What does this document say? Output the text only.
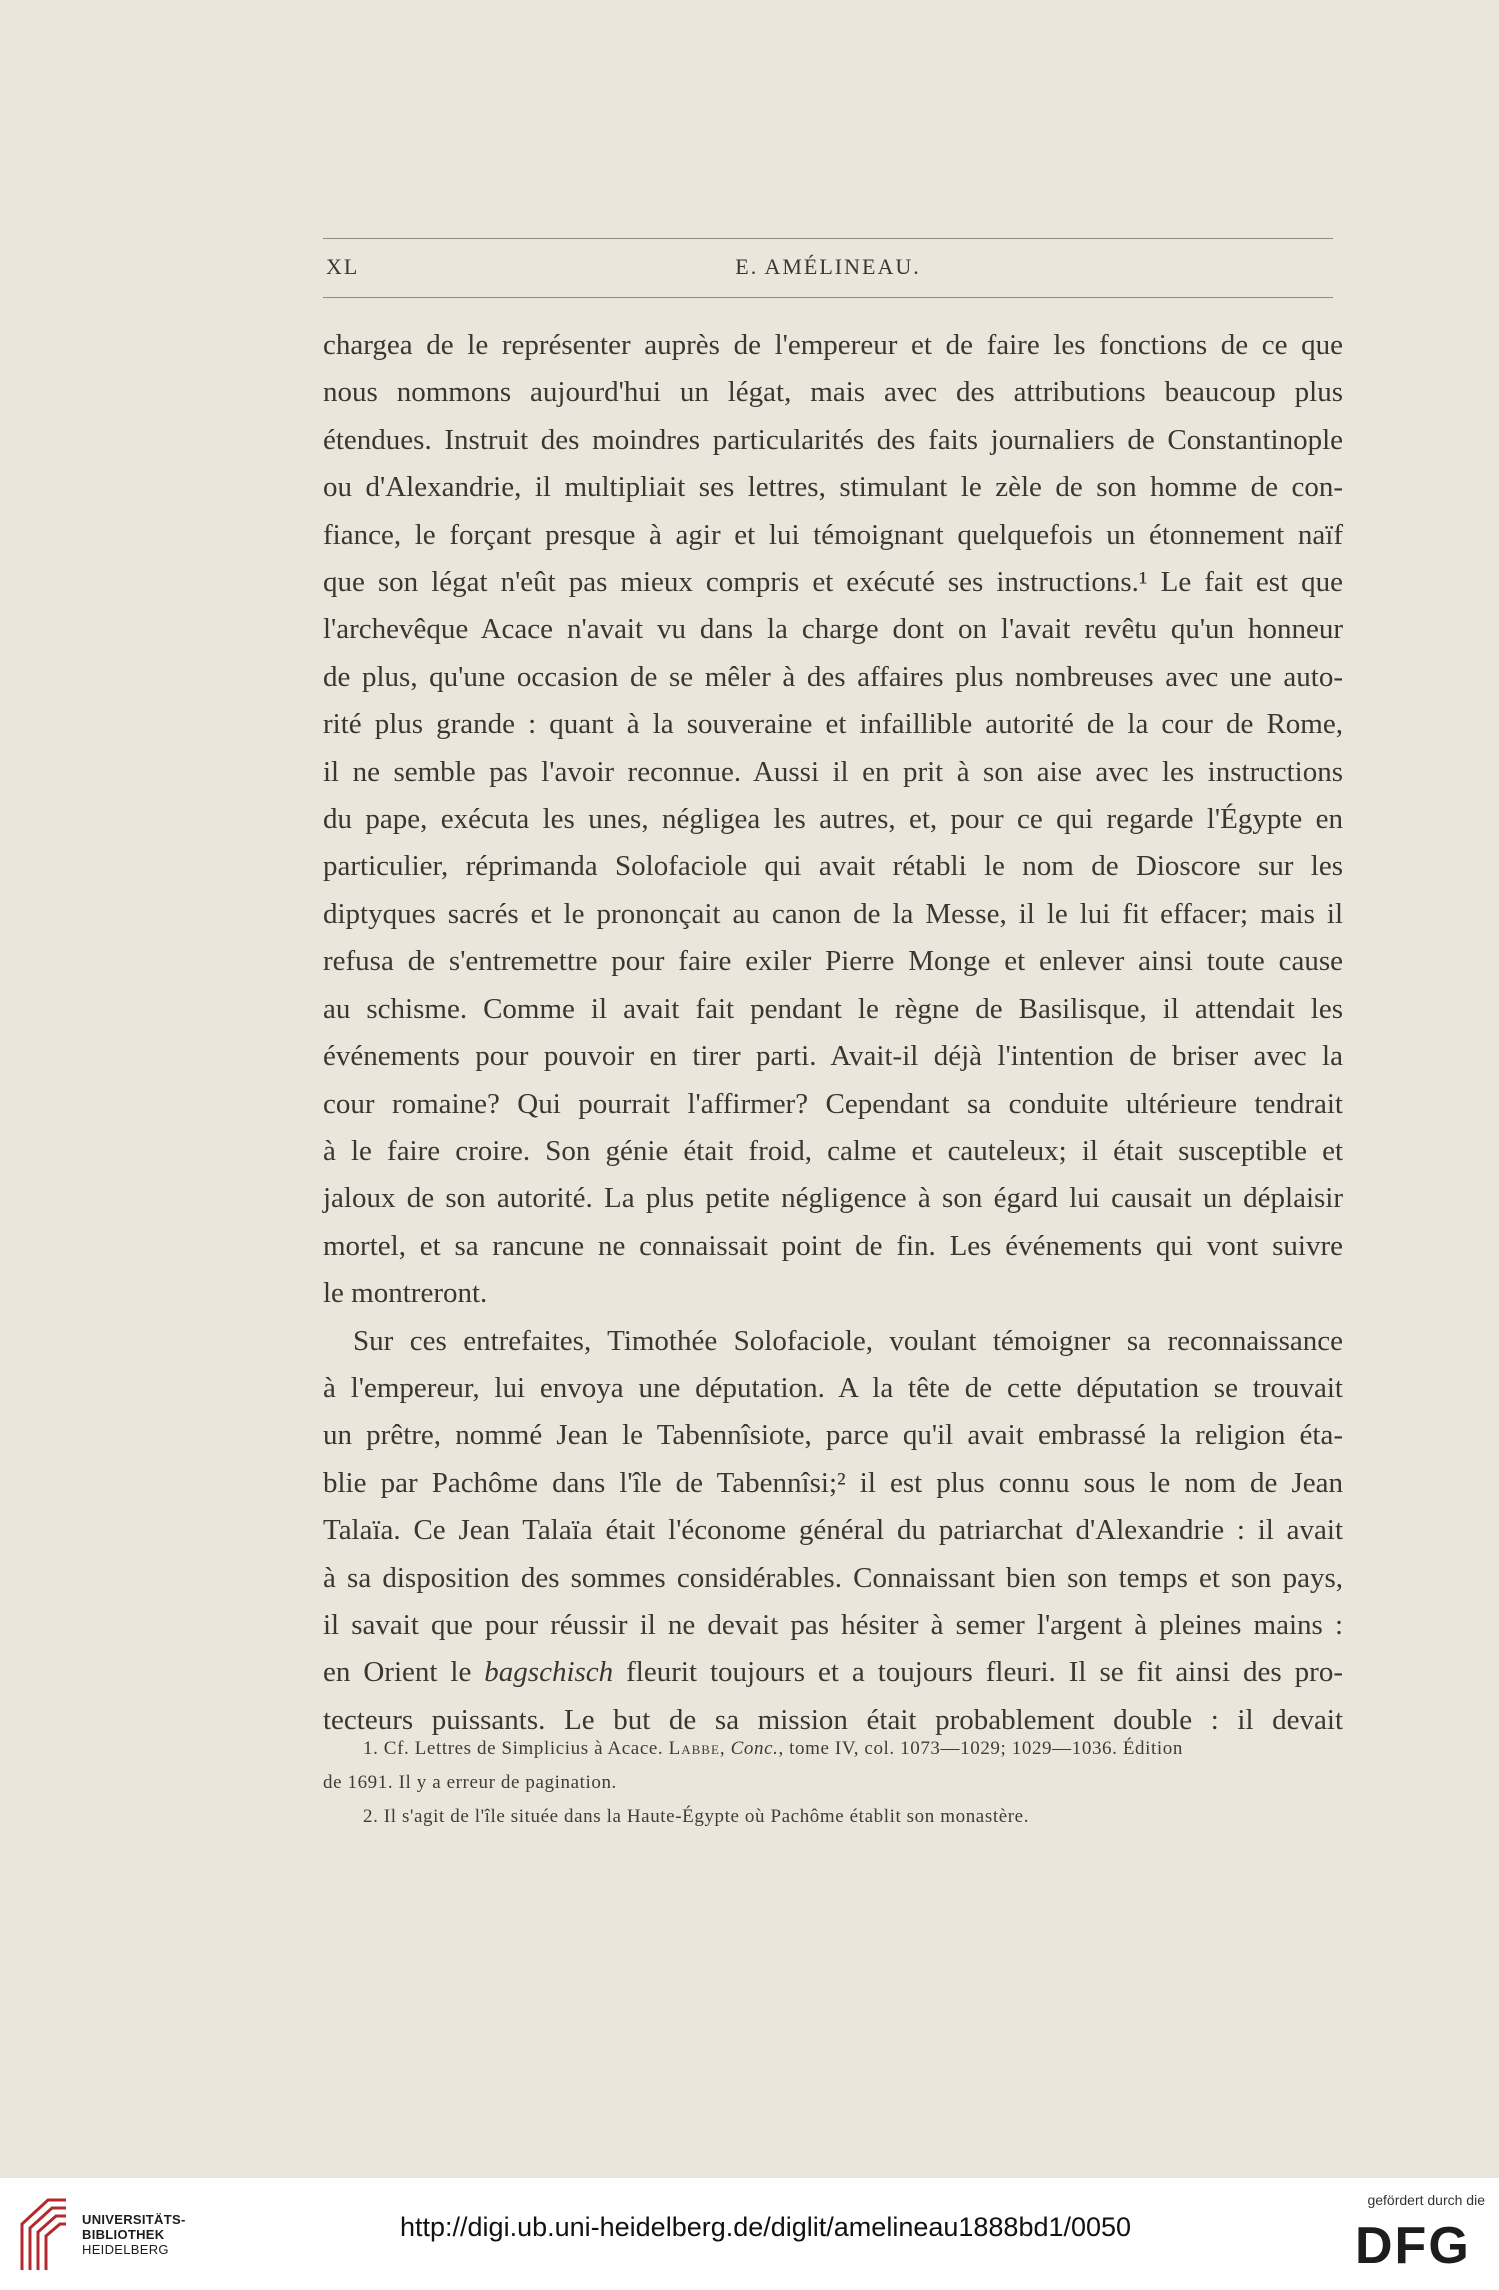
XL	E. AMÉLINEAU.

chargea de le représenter auprès de l'empereur et de faire les fonctions de ce que
nous nommons aujourd'hui un légat, mais avec des attributions beaucoup plus
étendues. Instruit des moindres particularités des faits journaliers de Constantinople
ou d'Alexandrie, il multipliait ses lettres, stimulant le zèle de son homme de con-
fiance, le forçant presque à agir et lui témoignant quelquefois un étonnement naïf
que son légat n'eût pas mieux compris et exécuté ses instructions.¹ Le fait est que
l'archevêque Acace n'avait vu dans la charge dont on l'avait revêtu qu'un honneur
de plus, qu'une occasion de se mêler à des affaires plus nombreuses avec une auto-
rité plus grande : quant à la souveraine et infaillible autorité de la cour de Rome,
il ne semble pas l'avoir reconnue. Aussi il en prit à son aise avec les instructions
du pape, exécuta les unes, négligea les autres, et, pour ce qui regarde l'Égypte en
particulier, réprimanda Solofaciole qui avait rétabli le nom de Dioscore sur les
diptyques sacrés et le prononçait au canon de la Messe, il le lui fit effacer; mais il
refusa de s'entremettre pour faire exiler Pierre Monge et enlever ainsi toute cause
au schisme. Comme il avait fait pendant le règne de Basilisque, il attendait les
événements pour pouvoir en tirer parti. Avait-il déjà l'intention de briser avec la
cour romaine? Qui pourrait l'affirmer? Cependant sa conduite ultérieure tendrait
à le faire croire. Son génie était froid, calme et cauteleux; il était susceptible et
jaloux de son autorité. La plus petite négligence à son égard lui causait un déplaisir
mortel, et sa rancune ne connaissait point de fin. Les événements qui vont suivre
le montreront.

Sur ces entrefaites, Timothée Solofaciole, voulant témoigner sa reconnaissance
à l'empereur, lui envoya une députation. A la tête de cette députation se trouvait
un prêtre, nommé Jean le Tabennîsiote, parce qu'il avait embrassé la religion éta-
blie par Pachôme dans l'île de Tabennîsi;² il est plus connu sous le nom de Jean
Talaïa. Ce Jean Talaïa était l'économe général du patriarchat d'Alexandrie : il avait
à sa disposition des sommes considérables. Connaissant bien son temps et son pays,
il savait que pour réussir il ne devait pas hésiter à semer l'argent à pleines mains :
en Orient le bagschisch fleurit toujours et a toujours fleuri. Il se fit ainsi des pro-
tecteurs puissants. Le but de sa mission était probablement double : il devait

1. Cf. Lettres de Simplicius à Acace. Labbe, Conc., tome IV, col. 1073—1029; 1029—1036. Édition
de 1691. Il y a erreur de pagination.
2. Il s'agit de l'île située dans la Haute-Égypte où Pachôme établit son monastère.
UNIVERSITÄTS-
BIBLIOTHEK
HEIDELBERG
http://digi.ub.uni-heidelberg.de/diglit/amelineau1888bd1/0050
gefördert durch die
DFG
